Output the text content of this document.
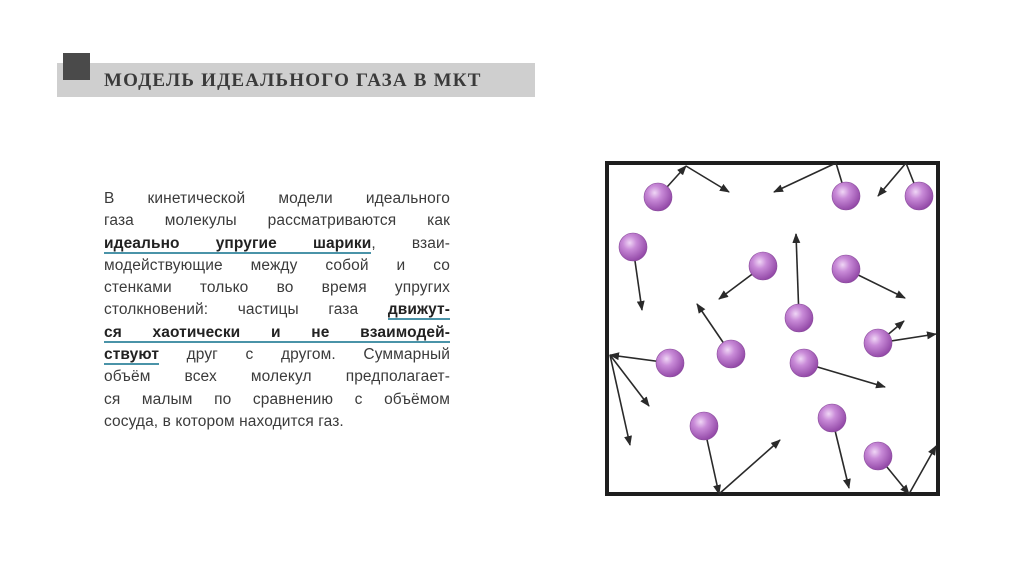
МОДЕЛЬ ИДЕАЛЬНОГО ГАЗА В МКТ
В кинетической модели идеального
газа молекулы рассматриваются как
идеально упругие шарики, взаи-
модействующие между собой и со
стенками только во время упругих
столкновений: частицы газа движут-
ся хаотически и не взаимодей-
ствуют друг с другом. Суммарный
объём всех молекул предполагает-
ся малым по сравнению с объёмом
сосуда, в котором находится газ.
